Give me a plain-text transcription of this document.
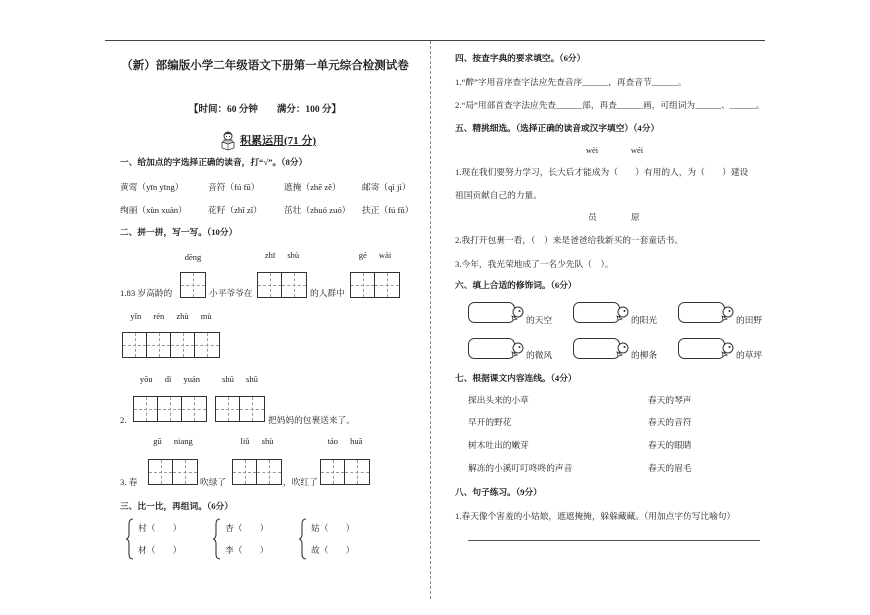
（新）部编版小学二年级语文下册第一单元综合检测试卷
【时间：60 分钟　　满分：100 分】
积累运用(71 分)
一、给加点的字选择正确的读音，打“√”。（8分）
黄莺（yīn yīng）	音符（fú fū）	遮掩（zhē zě） 邮寄（qì jì）
绚丽（xùn xuàn） 花籽（zhǐ zǐ）	茁壮（zhuó zuó） 扶正（fú fǔ）
二、拼一拼，写一写。（10分）
dēng	zhī shù	gé wài
1.83 岁高龄的	小平爷爷在	的人群中
yǐn rén zhù mù
yōu dì yuán	shū shū
2.	把妈妈的包裹送来了。
gū niang	liǔ shù	táo huā
3. 春	吹绿了	，吹红了
三、比一比，再组词。（6分）
村（　　）
材（　　）
杏（　　）
李（　　）
姑（　　）
故（　　）
四、按查字典的要求填空。（6分）
1.“醉”字用音序查字法应先查音序______，再查音节______。
2.“局”用部首查字法应先查______部，再查______画，可组词为______、______。
五、精挑细选。（选择正确的读音或汉字填空）（4分）
wèi	wéi
1.现在我们要努力学习，长大后才能成为（　　）有用的人，为（　　）建设
祖国贡献自己的力量。
员	原
2.我打开包裹一看，（　）来是爸爸给我新买的一套童话书。
3.今年，我光荣地成了一名少先队（　）。
六、填上合适的修饰词。（6分）
的天空	的阳光	的田野
的微风	的柳条	的草坪
七、根据课文内容连线。（4分）
探出头来的小草	春天的琴声
早开的野花	春天的音符
树木吐出的嫩芽	春天的眼睛
解冻的小溪叮叮咚咚的声音	春天的眉毛
八、句子练习。（9分）
1.春天像个害羞的小姑娘，遮遮掩掩，躲躲藏藏。（用加点字仿写比喻句）
